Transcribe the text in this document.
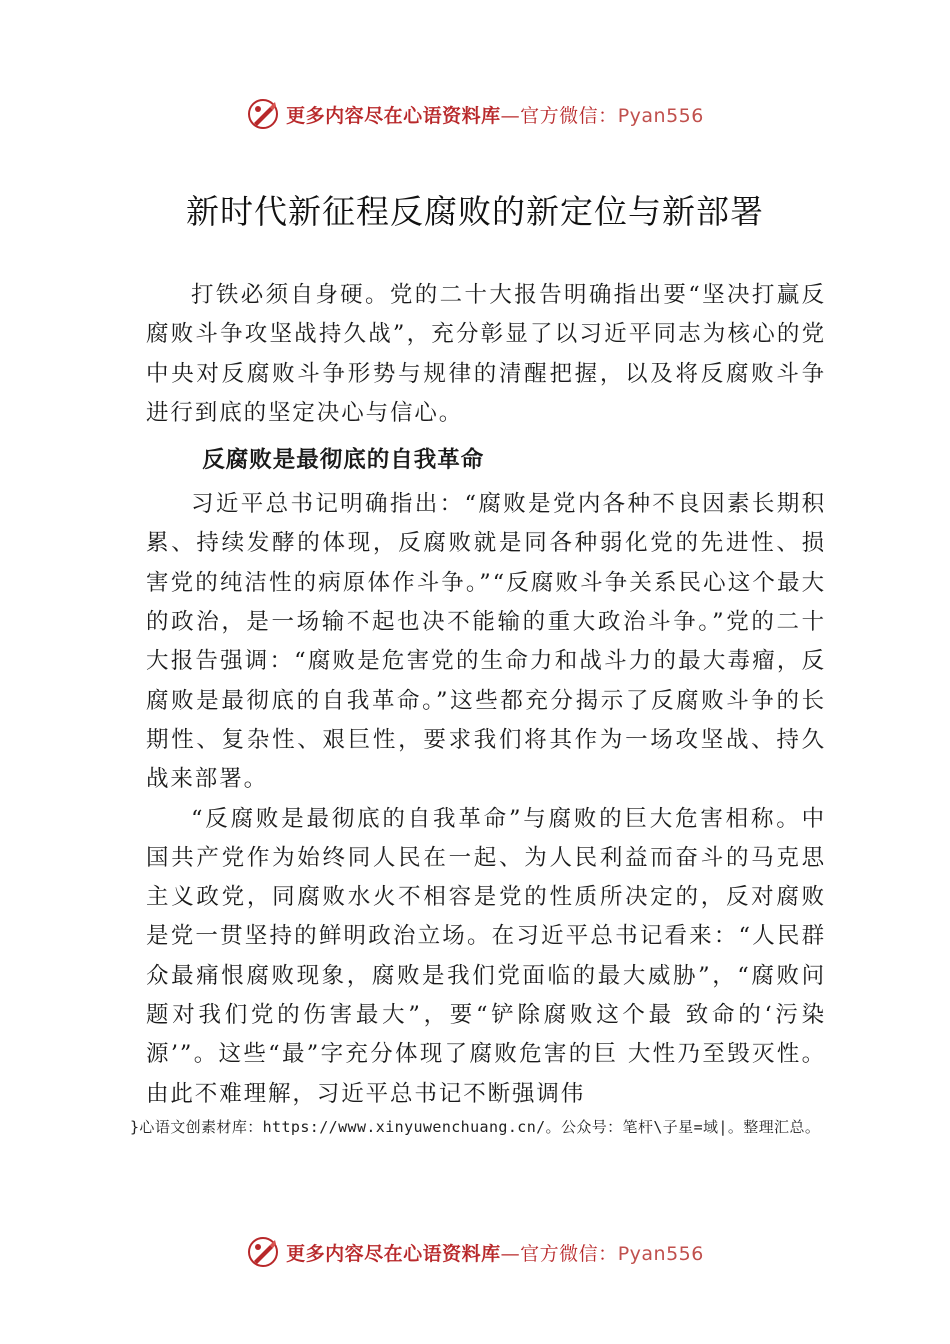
更多内容尽在心语资料库—官方微信：Pyan556
新时代新征程反腐败的新定位与新部署

打铁必须自身硬。党的二十大报告明确指出要“坚决打赢反腐败斗争攻坚战持久战”，充分彰显了以习近平同志为核心的党中央对反腐败斗争形势与规律的清醒把握，以及将反腐败斗争进行到底的坚定决心与信心。

反腐败是最彻底的自我革命

习近平总书记明确指出：“腐败是党内各种不良因素长期积累、持续发酵的体现，反腐败就是同各种弱化党的先进性、损害党的纯洁性的病原体作斗争。”“反腐败斗争关系民心这个最大的政治，是一场输不起也决不能输的重大政治斗争。”党的二十大报告强调：“腐败是危害党的生命力和战斗力的最大毒瘤，反腐败是最彻底的自我革命。”这些都充分揭示了反腐败斗争的长期性、复杂性、艰巨性，要求我们将其作为一场攻坚战、持久战来部署。

“反腐败是最彻底的自我革命”与腐败的巨大危害相称。中国共产党作为始终同人民在一起、为人民利益而奋斗的马克思主义政党，同腐败水火不相容是党的性质所决定的，反对腐败是党一贯坚持的鲜明政治立场。在习近平总书记看来：“人民群众最痛恨腐败现象，腐败是我们党面临的最大威胁”，“腐败问题对我们党的伤害最大”，要“铲除腐败这个最 致命的‘污染源’”。这些“最”字充分体现了腐败危害的巨 大性乃至毁灭性。由此不难理解，习近平总书记不断强调伟

}心语文创素材库：https://www.xinyuwenchuang.cn/。公众号：笔杆\子星=域|。整理汇总。
更多内容尽在心语资料库—官方微信：Pyan556
